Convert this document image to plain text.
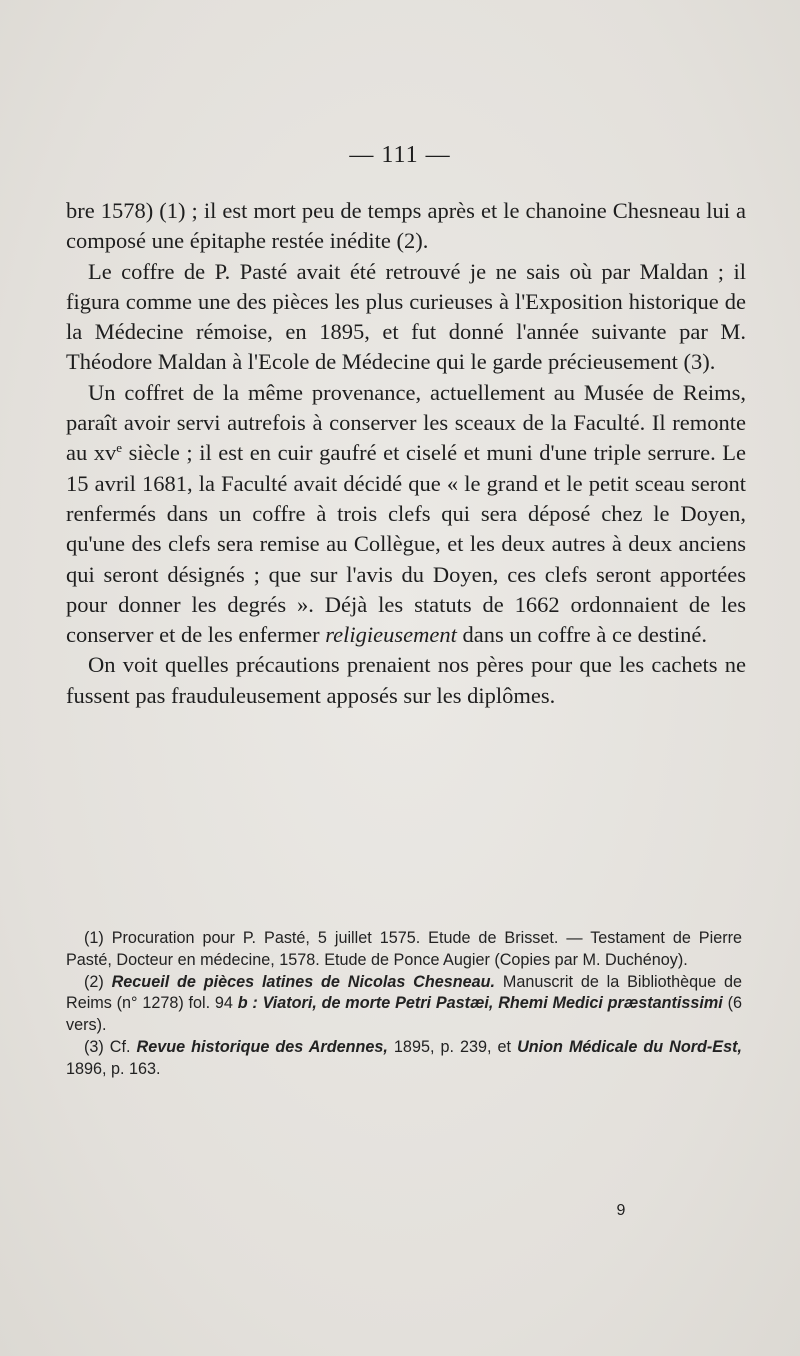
— 111 —

bre 1578) (1) ; il est mort peu de temps après et le chanoine Chesneau lui a composé une épitaphe restée inédite (2).

Le coffre de P. Pasté avait été retrouvé je ne sais où par Maldan ; il figura comme une des pièces les plus curieuses à l'Exposition historique de la Médecine rémoise, en 1895, et fut donné l'année suivante par M. Théodore Maldan à l'Ecole de Médecine qui le garde précieusement (3).

Un coffret de la même provenance, actuellement au Musée de Reims, paraît avoir servi autrefois à conserver les sceaux de la Faculté. Il remonte au $xv^e$ siècle ; il est en cuir gaufré et ciselé et muni d'une triple serrure. Le 15 avril 1681, la Faculté avait décidé que « le grand et le petit sceau seront renfermés dans un coffre à trois clefs qui sera déposé chez le Doyen, qu'une des clefs sera remise au Collègue, et les deux autres à deux anciens qui seront désignés ; que sur l'avis du Doyen, ces clefs seront apportées pour donner les degrés ». Déjà les statuts de 1662 ordonnaient de les conserver et de les enfermer religieusement dans un coffre à ce destiné.

On voit quelles précautions prenaient nos pères pour que les cachets ne fussent pas frauduleusement apposés sur les diplômes.

(1) Procuration pour P. Pasté, 5 juillet 1575. Etude de Brisset. — Testament de Pierre Pasté, Docteur en médecine, 1578. Etude de Ponce Augier (Copies par M. Duchénoy).

(2) Recueil de pièces latines de Nicolas Chesneau. Manuscrit de la Bibliothèque de Reims (n° 1278) fol. 94 b : Viatori, de morte Petri Pastæi, Rhemi Medici præstantissimi (6 vers).

(3) Cf. Revue historique des Ardennes, 1895, p. 239, et Union Médicale du Nord-Est, 1896, p. 163.

9
